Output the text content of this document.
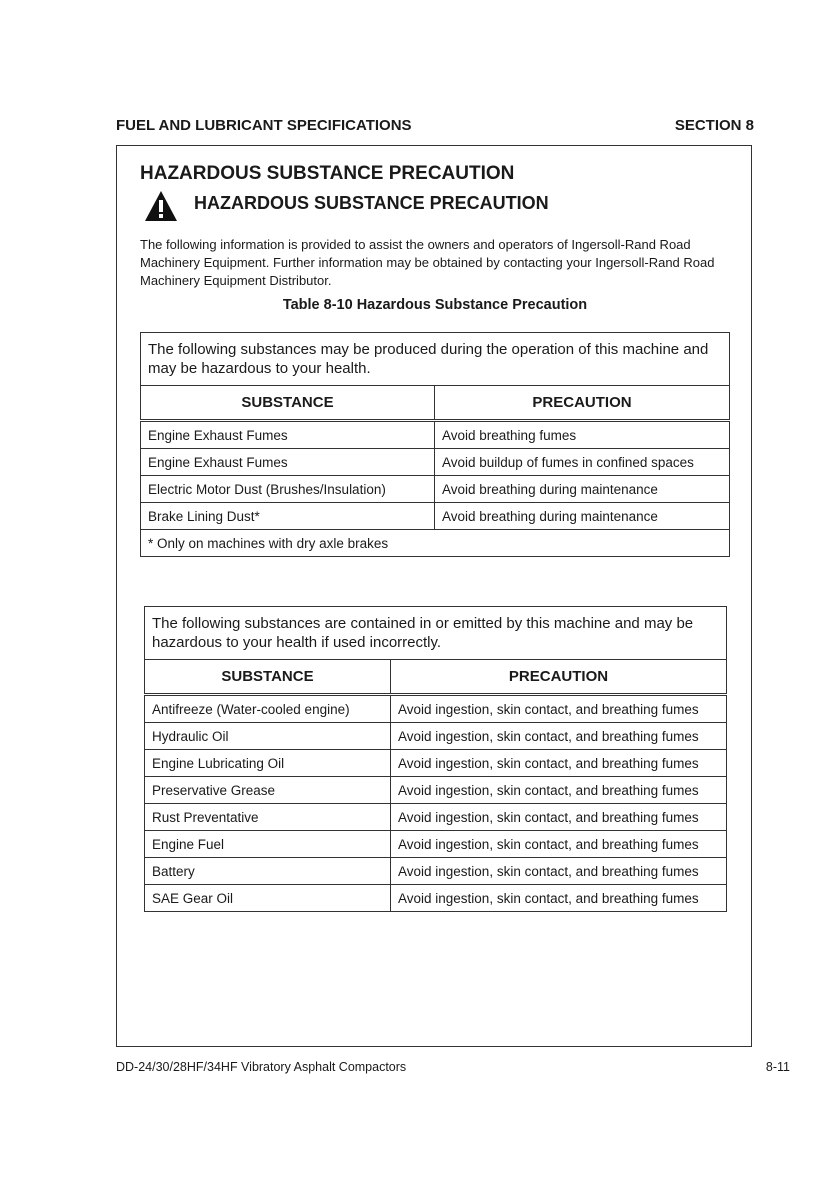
FUEL AND LUBRICANT SPECIFICATIONS	SECTION 8
HAZARDOUS SUBSTANCE PRECAUTION
HAZARDOUS SUBSTANCE PRECAUTION
The following information is provided to assist the owners and operators of Ingersoll-Rand Road Machinery Equipment. Further information may be obtained by contacting your Ingersoll-Rand Road Machinery Equipment Distributor.
Table 8-10 Hazardous Substance Precaution
The following substances may be produced during the operation of this machine and may be hazardous to your health.	
SUBSTANCE	PRECAUTION
Engine Exhaust Fumes	Avoid breathing fumes
Engine Exhaust Fumes	Avoid buildup of fumes in confined spaces
Electric Motor Dust (Brushes/Insulation)	Avoid breathing during maintenance
Brake Lining Dust*	Avoid breathing during maintenance
* Only on machines with dry axle brakes	
The following substances are contained in or emitted by this machine and may be hazardous to your health if used incorrectly.	
SUBSTANCE	PRECAUTION
Antifreeze (Water-cooled engine)	Avoid ingestion, skin contact, and breathing fumes
Hydraulic Oil	Avoid ingestion, skin contact, and breathing fumes
Engine Lubricating Oil	Avoid ingestion, skin contact, and breathing fumes
Preservative Grease	Avoid ingestion, skin contact, and breathing fumes
Rust Preventative	Avoid ingestion, skin contact, and breathing fumes
Engine Fuel	Avoid ingestion, skin contact, and breathing fumes
Battery	Avoid ingestion, skin contact, and breathing fumes
SAE Gear Oil	Avoid ingestion, skin contact, and breathing fumes
DD-24/30/28HF/34HF Vibratory Asphalt Compactors	8-11
